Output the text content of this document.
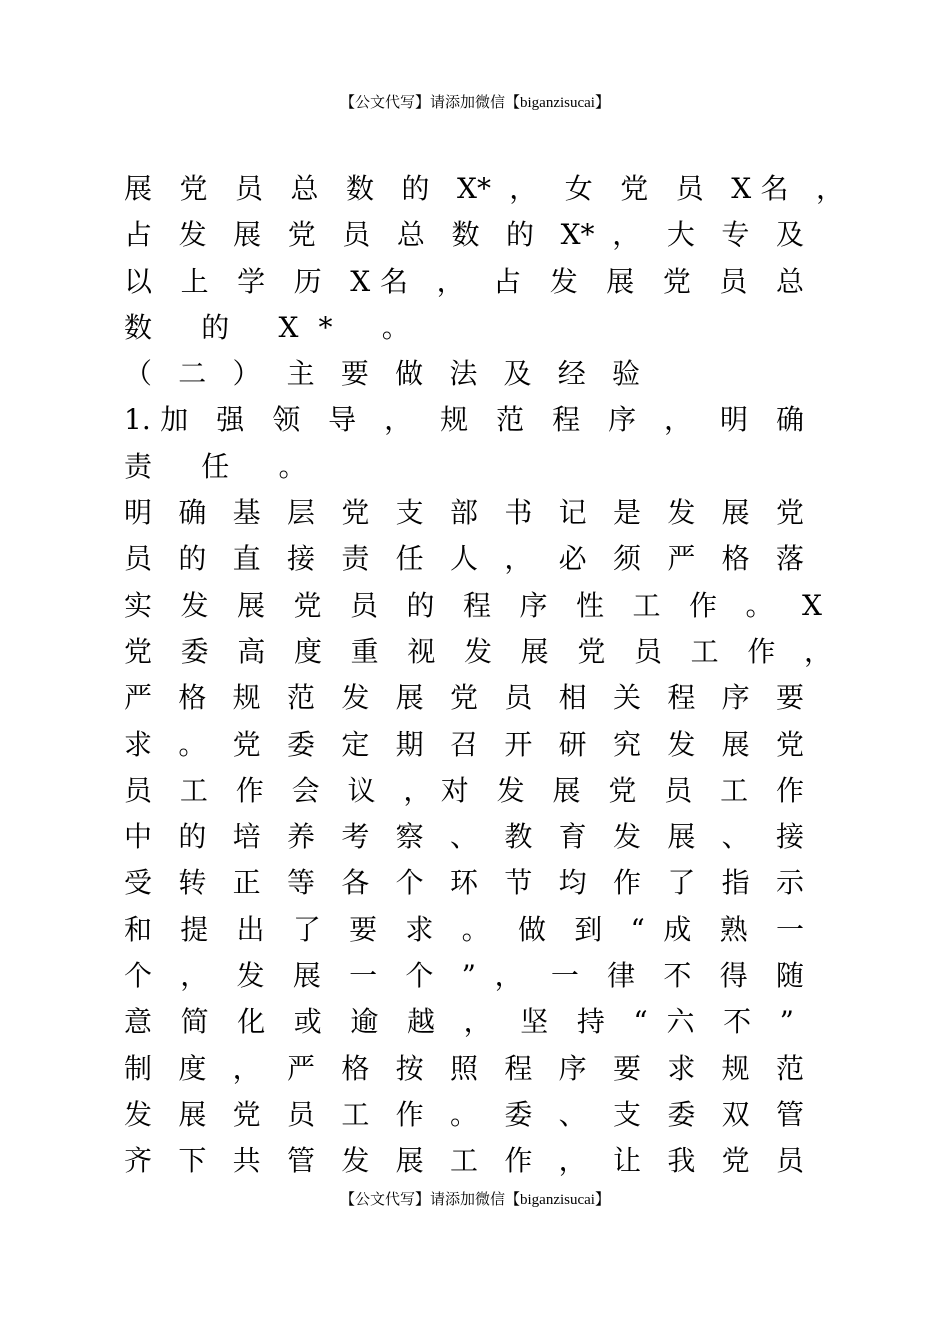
【公文代写】请添加微信【biganzisucai】
展 党 员 总 数 的 X* ， 女 党 员 X名 ，
占 发 展 党 员 总 数 的 X* ， 大 专 及
以 上 学 历 X名 ， 占 发 展 党 员 总
数 的 X* 。
（ 二 ） 主 要 做 法 及 经 验
1.加 强 领 导 ， 规 范 程 序 ， 明 确
责 任 。
明 确 基 层 党 支 部 书 记 是 发 展 党
员 的 直 接 责 任 人 ， 必 须 严 格 落
实 发 展 党 员 的 程 序 性 工 作 。 X
党 委 高 度 重 视 发 展 党 员 工 作 ，
严 格 规 范 发 展 党 员 相 关 程 序 要
求 。 党 委 定 期 召 开 研 究 发 展 党
员 工 作 会 议 ，对 发 展 党 员 工 作
中 的 培 养 考 察 、 教 育 发 展 、 接
受 转 正 等 各 个 环 节 均 作 了 指 示
和 提 出 了 要 求 。 做 到 “ 成 熟 一
个 ， 发 展 一 个 ” ， 一 律 不 得 随
意 简 化 或 逾 越 ， 坚 持 “ 六 不 ”
制 度 ， 严 格 按 照 程 序 要 求 规 范
发 展 党 员 工 作 。 委 、 支 委 双 管
齐 下 共 管 发 展 工 作 ， 让 我 党 员
【公文代写】请添加微信【biganzisucai】
